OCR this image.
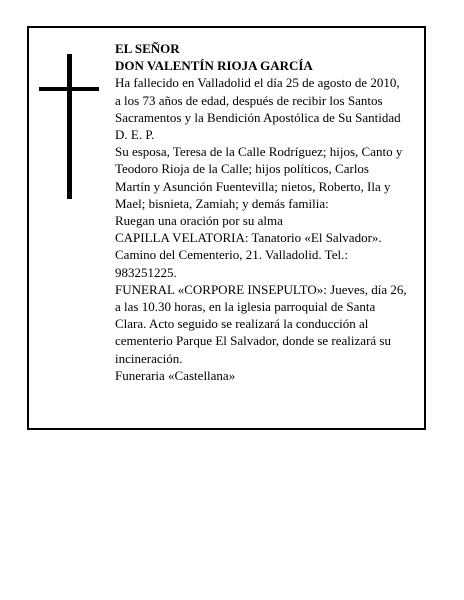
EL SEÑOR
DON VALENTÍN RIOJA GARCÍA
Ha fallecido en Valladolid el día 25 de agosto de 2010,
a los 73 años de edad, después de recibir los Santos
Sacramentos y la Bendición Apostólica de Su Santidad
D. E. P.
Su esposa, Teresa de la Calle Rodríguez; hijos, Canto y
Teodoro Rioja de la Calle; hijos políticos, Carlos
Martín y Asunción Fuentevilla; nietos, Roberto, Ila y
Mael; bisnieta, Zamiah; y demás familia:
Ruegan una oración por su alma
CAPILLA VELATORIA: Tanatorio «El Salvador».
Camino del Cementerio, 21. Valladolid. Tel.:
983251225.
FUNERAL «CORPORE INSEPULTO»: Jueves, día 26,
a las 10.30 horas, en la iglesia parroquial de Santa
Clara. Acto seguido se realizará la conducción al
cementerio Parque El Salvador, donde se realizará su
incineración.
Funeraria «Castellana»
